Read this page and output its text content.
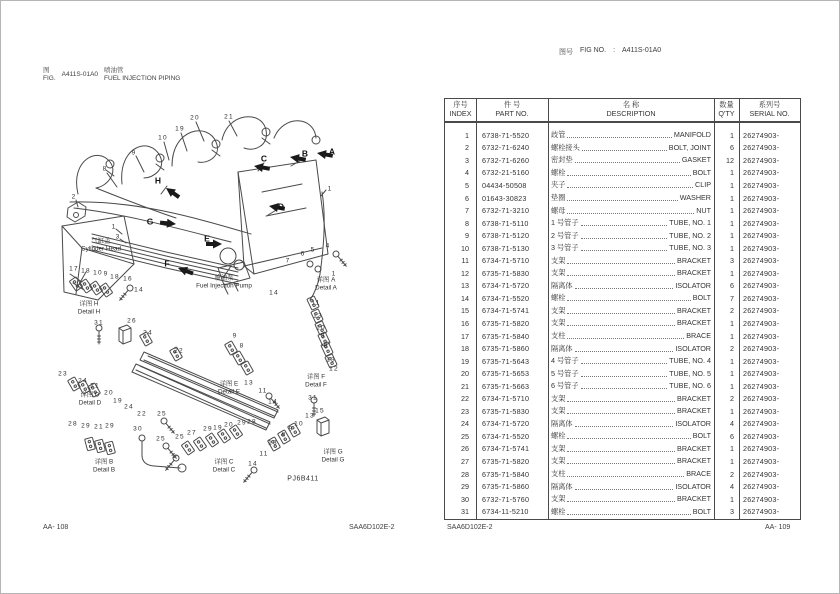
图
FIG.
A411S-01A0
喷油管
FUEL INJECTION PIPING
图号 FIG NO. : A411S-01A0
2
8
9
10
19
20	21
1
1
3
7
6
5
4
1
14
11
13
10
9
8
13
12
17 18 10 9 18 16
14
31	26
24
22
23
24
21
20
19
24
22 25
28 29 21 29	30
25 25
27
29 19 20 29 28
31
15
13
10
9
8
13
11
14
9
8
13
11
14
A
B
C
D
E
F
G
H
详图 A
Detail A
详图 B
Detail B
详图 C
Detail C
详图 D
Detail D
详图 E
Detail E
详图 F
Detail F
详图 G
Detail G
详图 H
Detail H
气缸盖
Cylinder Head
喷油泵
Fuel Injection Pump
PJ6B411
序号
INDEX
件 号
PART NO.
名 称
DESCRIPTION
数量
Q'TY
系列号
SERIAL NO.
1	6738-71-5520	歧管	MANIFOLD	1	26274903-
2	6732-71-6240	螺栓接头	BOLT, JOINT	6	26274903-
3	6732-71-6260	密封垫	GASKET	12	26274903-
4	6732-21-5160	螺栓	BOLT	1	26274903-
5	04434-50508	夹子	CLIP	1	26274903-
6	01643-30823	垫圈	WASHER	1	26274903-
7	6732-71-3210	螺母	NUT	1	26274903-
8	6738-71-5110	1 号管子	TUBE, NO. 1	1	26274903-
9	6738-71-5120	2 号管子	TUBE, NO. 2	1	26274903-
10	6738-71-5130	3 号管子	TUBE, NO. 3	1	26274903-
11	6734-71-5710	支架	BRACKET	3	26274903-
12	6735-71-5830	支架	BRACKET	1	26274903-
13	6734-71-5720	隔离体	ISOLATOR	6	26274903-
14	6734-71-5520	螺栓	BOLT	7	26274903-
15	6734-71-5741	支架	BRACKET	2	26274903-
16	6735-71-5820	支架	BRACKET	1	26274903-
17	6735-71-5840	支柱	BRACE	1	26274903-
18	6735-71-5860	隔离体	ISOLATOR	2	26274903-
19	6735-71-5643	4 号管子	TUBE, NO. 4	1	26274903-
20	6735-71-5653	5 号管子	TUBE, NO. 5	1	26274903-
21	6735-71-5663	6 号管子	TUBE, NO. 6	1	26274903-
22	6734-71-5710	支架	BRACKET	2	26274903-
23	6735-71-5830	支架	BRACKET	1	26274903-
24	6734-71-5720	隔离体	ISOLATOR	4	26274903-
25	6734-71-5520	螺栓	BOLT	6	26274903-
26	6734-71-5741	支架	BRACKET	1	26274903-
27	6735-71-5820	支架	BRACKET	1	26274903-
28	6735-71-5840	支柱	BRACE	2	26274903-
29	6735-71-5860	隔离体	ISOLATOR	4	26274903-
30	6732-71-5760	支架	BRACKET	1	26274903-
31	6734-11-5210	螺栓	BOLT	3	26274903-
AA- 108	SAA6D102E-2	SAA6D102E-2	AA- 109
